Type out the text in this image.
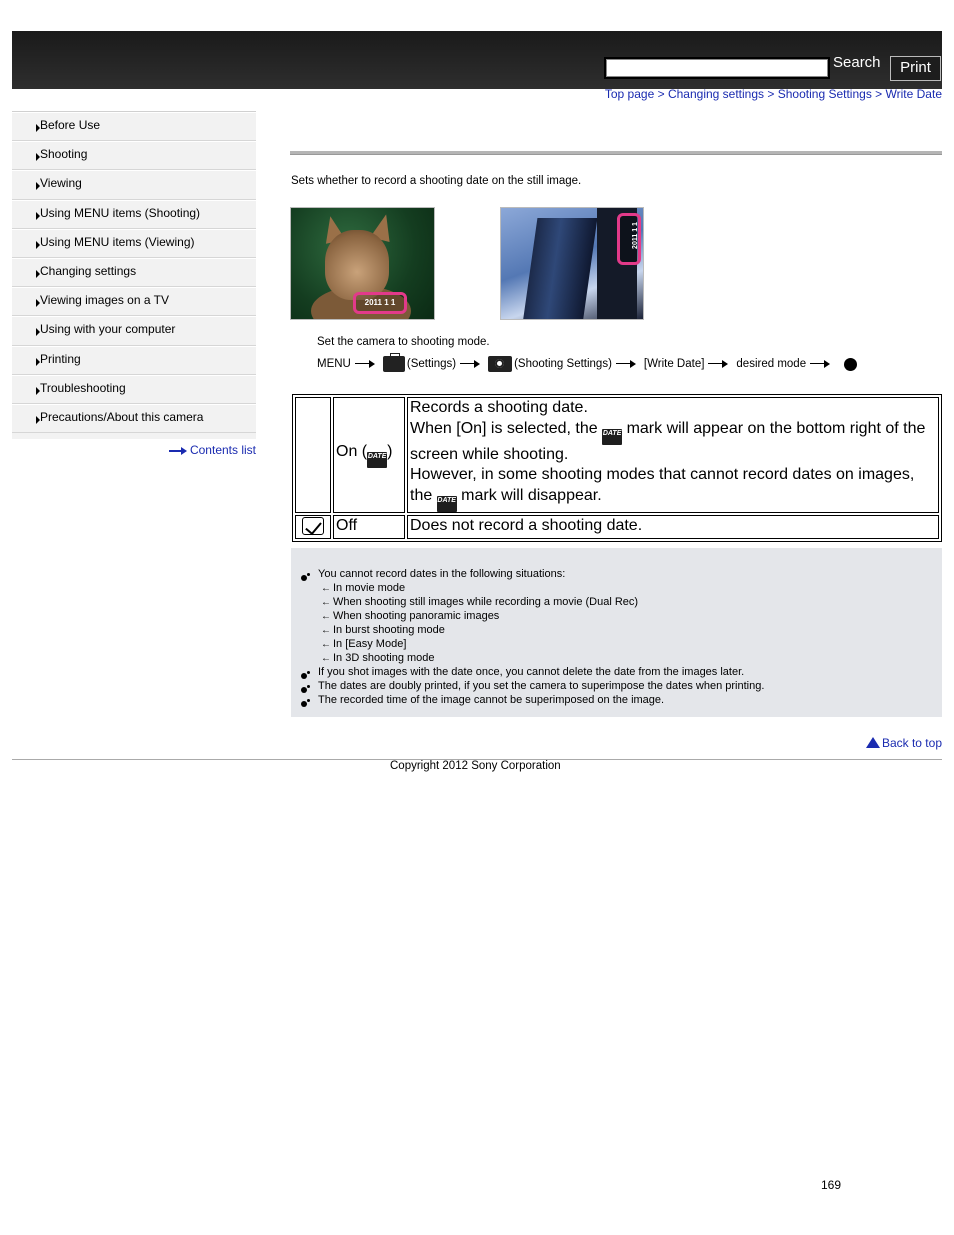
Search	Print
Top page > Changing settings > Shooting Settings > Write Date
Before Use
Shooting
Viewing
Using MENU items (Shooting)
Using MENU items (Viewing)
Changing settings
Viewing images on a TV
Using with your computer
Printing
Troubleshooting
Precautions/About this camera
Contents list
Sets whether to record a shooting date on the still image.
2011 1 1
2011 1 1
Set the camera to shooting mode.
MENU	(Settings)	(Shooting Settings)	[Write Date]	desired mode
	On (DATE)	Records a shooting date.
When [On] is selected, the DATE mark will appear on the bottom right of the screen while shooting.
However, in some shooting modes that cannot record dates on images, the DATE mark will disappear.

	Off	Does not record a shooting date.
You cannot record dates in the following situations:
← In movie mode
← When shooting still images while recording a movie (Dual Rec)
← When shooting panoramic images
← In burst shooting mode
← In [Easy Mode]
← In 3D shooting mode
If you shot images with the date once, you cannot delete the date from the images later.
The dates are doubly printed, if you set the camera to superimpose the dates when printing.
The recorded time of the image cannot be superimposed on the image.
Back to top
Copyright 2012 Sony Corporation
169
